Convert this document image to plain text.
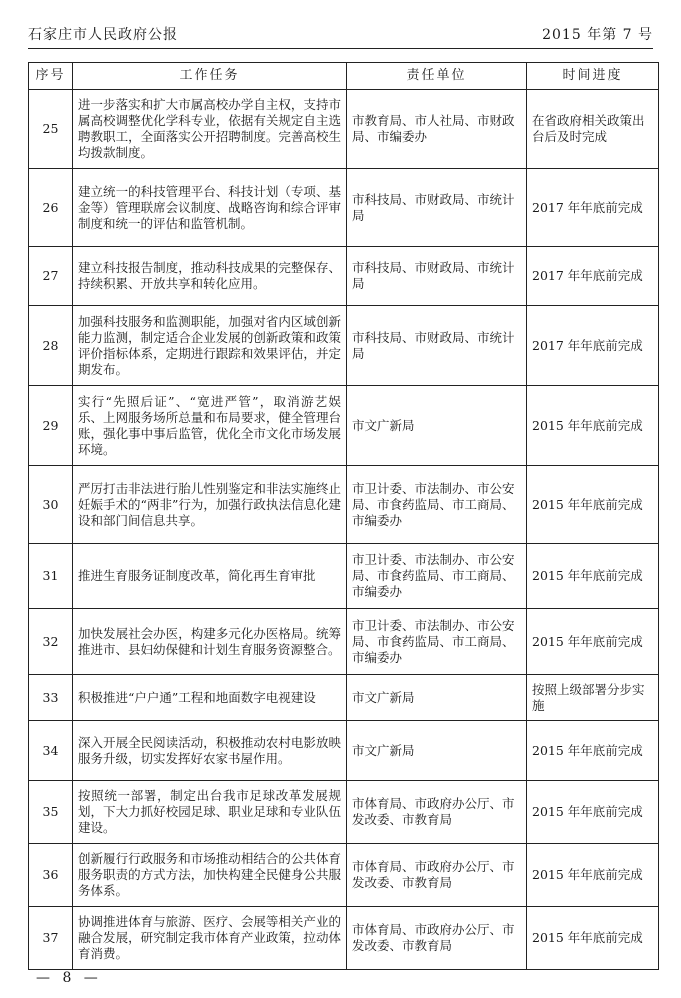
石家庄市人民政府公报	2015 年第 7 号
序号	工作任务	责任单位	时间进度
25	进一步落实和扩大市属高校办学自主权，支持市属高校调整优化学科专业，依据有关规定自主选聘教职工，全面落实公开招聘制度。完善高校生均拨款制度。	市教育局、市人社局、市财政局、市编委办	在省政府相关政策出台后及时完成
26	建立统一的科技管理平台、科技计划（专项、基金等）管理联席会议制度、战略咨询和综合评审制度和统一的评估和监管机制。	市科技局、市财政局、市统计局	2017 年年底前完成
27	建立科技报告制度，推动科技成果的完整保存、持续积累、开放共享和转化应用。	市科技局、市财政局、市统计局	2017 年年底前完成
28	加强科技服务和监测职能，加强对省内区域创新能力监测，制定适合企业发展的创新政策和政策评价指标体系，定期进行跟踪和效果评估，并定期发布。	市科技局、市财政局、市统计局	2017 年年底前完成
29	实行“先照后证”、“宽进严管”，取消游艺娱乐、上网服务场所总量和布局要求，健全管理台账，强化事中事后监管，优化全市文化市场发展环境。	市文广新局	2015 年年底前完成
30	严厉打击非法进行胎儿性别鉴定和非法实施终止妊娠手术的“两非”行为，加强行政执法信息化建设和部门间信息共享。	市卫计委、市法制办、市公安局、市食药监局、市工商局、市编委办	2015 年年底前完成
31	推进生育服务证制度改革，简化再生育审批	市卫计委、市法制办、市公安局、市食药监局、市工商局、市编委办	2015 年年底前完成
32	加快发展社会办医，构建多元化办医格局。统筹推进市、县妇幼保健和计划生育服务资源整合。	市卫计委、市法制办、市公安局、市食药监局、市工商局、市编委办	2015 年年底前完成
33	积极推进“户户通”工程和地面数字电视建设	市文广新局	按照上级部署分步实施
34	深入开展全民阅读活动，积极推动农村电影放映服务升级，切实发挥好农家书屋作用。	市文广新局	2015 年年底前完成
35	按照统一部署，制定出台我市足球改革发展规划，下大力抓好校园足球、职业足球和专业队伍建设。	市体育局、市政府办公厅、市发改委、市教育局	2015 年年底前完成
36	创新履行行政服务和市场推动相结合的公共体育服务职责的方式方法，加快构建全民健身公共服务体系。	市体育局、市政府办公厅、市发改委、市教育局	2015 年年底前完成
37	协调推进体育与旅游、医疗、会展等相关产业的融合发展，研究制定我市体育产业政策，拉动体育消费。	市体育局、市政府办公厅、市发改委、市教育局	2015 年年底前完成
— 8 —
